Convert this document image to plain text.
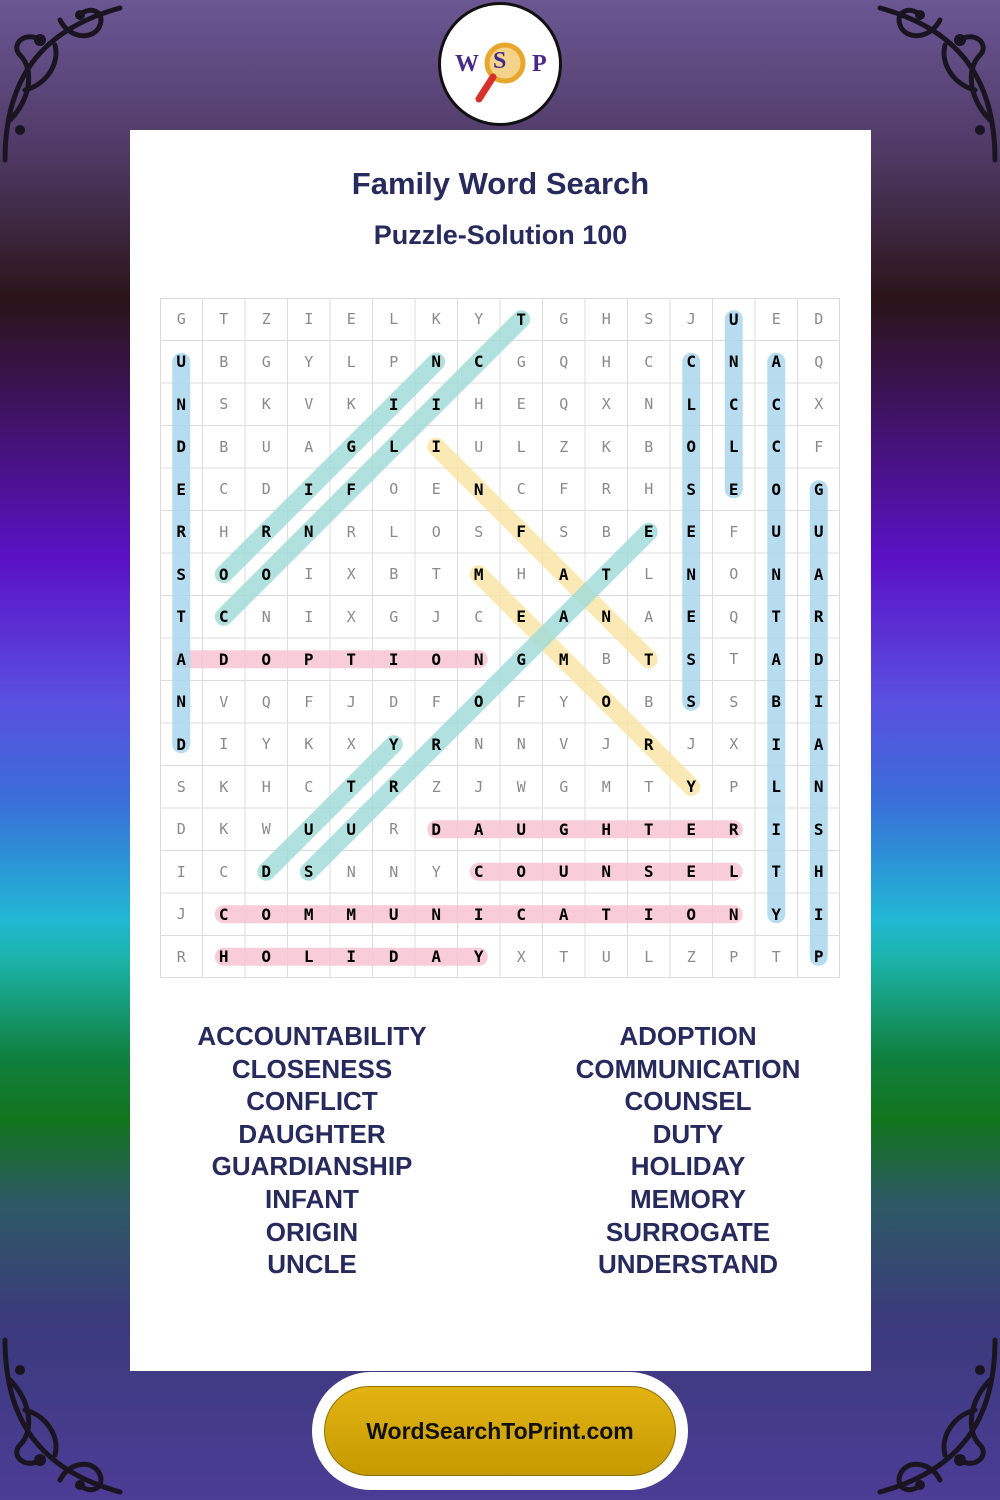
W S P
Family Word Search
Puzzle-Solution 100
G	T	Z	I	E	L	K	Y	T	G	H	S	J	U	E	D
U	B	G	Y	L	P	N	C	G	Q	H	C	C	N	A	Q
N	S	K	V	K	I	I	H	E	Q	X	N	L	C	C	X
D	B	U	A	G	L	I	U	L	Z	K	B	O	L	C	F
E	C	D	I	F	O	E	N	C	F	R	H	S	E	O	G
R	H	R	N	R	L	O	S	F	S	B	E	E	F	U	U
S	O	O	I	X	B	T	M	H	A	T	L	N	O	N	A
T	C	N	I	X	G	J	C	E	A	N	A	E	Q	T	R
A	D	O	P	T	I	O	N	G	M	B	T	S	T	A	D
N	V	Q	F	J	D	F	O	F	Y	O	B	S	S	B	I
D	I	Y	K	X	Y	R	N	N	V	J	R	J	X	I	A
S	K	H	C	T	R	Z	J	W	G	M	T	Y	P	L	N
D	K	W	U	U	R	D	A	U	G	H	T	E	R	I	S
I	C	D	S	N	N	Y	C	O	U	N	S	E	L	T	H
J	C	O	M	M	U	N	I	C	A	T	I	O	N	Y	I
R	H	O	L	I	D	A	Y	X	T	U	L	Z	P	T	P
ACCOUNTABILITY
CLOSENESS
CONFLICT
DAUGHTER
GUARDIANSHIP
INFANT
ORIGIN
UNCLE
ADOPTION
COMMUNICATION
COUNSEL
DUTY
HOLIDAY
MEMORY
SURROGATE
UNDERSTAND
WordSearchToPrint.com
